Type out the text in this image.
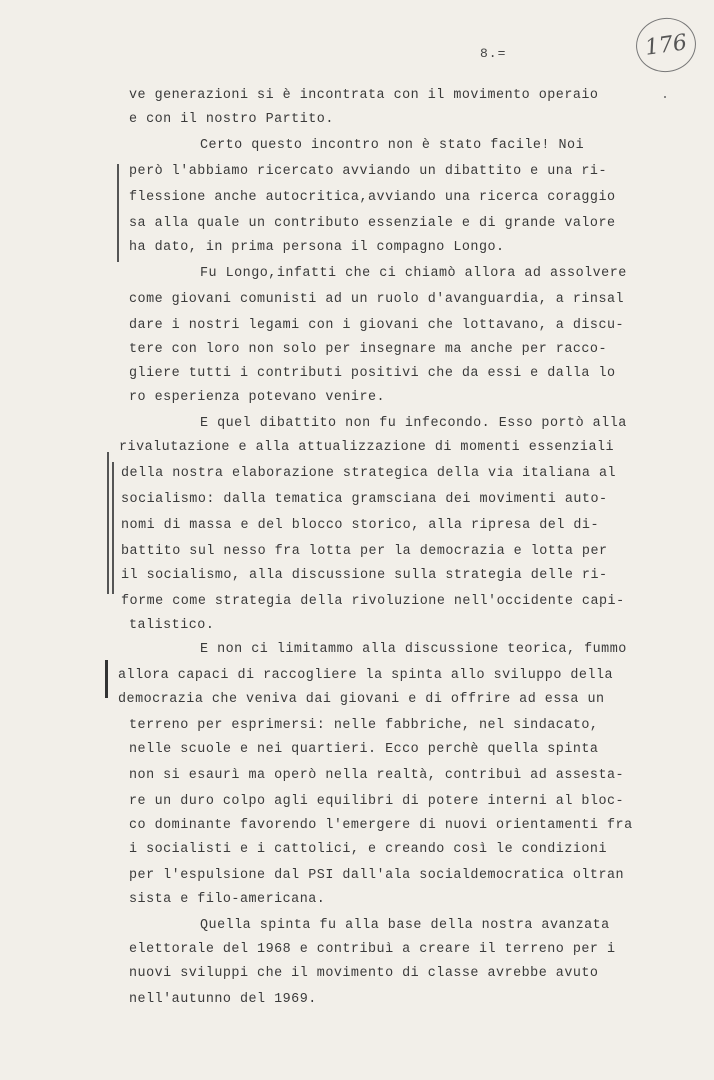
8.=	176
ve generazioni si è incontrata con il movimento operaio
e con il nostro Partito.
Certo questo incontro non è stato facile! Noi
però l'abbiamo ricercato avviando un dibattito e una ri-
flessione anche autocritica,avviando una ricerca coraggio
sa alla quale un contributo essenziale e di grande valore
ha dato, in prima persona il compagno Longo.
Fu Longo,infatti che ci chiamò allora ad assolvere
come giovani comunisti ad un ruolo d'avanguardia, a rinsal
dare i nostri legami con i giovani che lottavano, a discu-
tere con loro non solo per insegnare ma anche per racco-
gliere tutti i contributi positivi che da essi e dalla lo
ro esperienza potevano venire.
E quel dibattito non fu infecondo. Esso portò alla
rivalutazione e alla attualizzazione di momenti essenziali
della nostra elaborazione strategica della via italiana al
socialismo: dalla tematica gramsciana dei movimenti auto-
nomi di massa e del blocco storico, alla ripresa del di-
battito sul nesso fra lotta per la democrazia e lotta per
il socialismo, alla discussione sulla strategia delle ri-
forme come strategia della rivoluzione nell'occidente capi-
talistico.
E non ci limitammo alla discussione teorica, fummo
allora capaci di raccogliere la spinta allo sviluppo della
democrazia che veniva dai giovani e di offrire ad essa un
terreno per esprimersi: nelle fabbriche, nel sindacato,
nelle scuole e nei quartieri. Ecco perchè quella spinta
non si esaurì ma operò nella realtà, contribuì ad assesta-
re un duro colpo agli equilibri di potere interni al bloc-
co dominante favorendo l'emergere di nuovi orientamenti fra
i socialisti e i cattolici, e creando così le condizioni
per l'espulsione dal PSI dall'ala socialdemocratica oltran
sista e filo-americana.
Quella spinta fu alla base della nostra avanzata
elettorale del 1968 e contribuì a creare il terreno per i
nuovi sviluppi che il movimento di classe avrebbe avuto
nell'autunno del 1969.
